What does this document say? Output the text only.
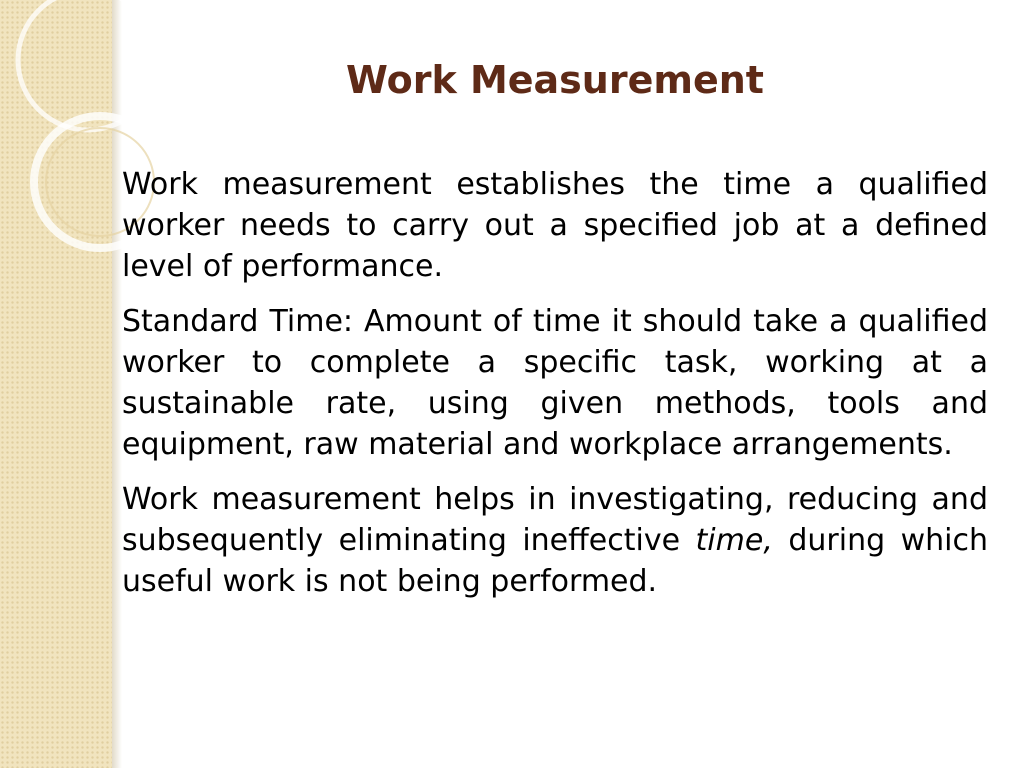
Work Measurement

Work measurement establishes the time a qualified worker needs to carry out a specified job at a defined level of performance.

Standard Time: Amount of time it should take a qualified worker to complete a specific task, working at a sustainable rate, using given methods, tools and equipment, raw material and workplace arrangements.

Work measurement helps in investigating, reducing and subsequently eliminating ineffective time, during which useful work is not being performed.
